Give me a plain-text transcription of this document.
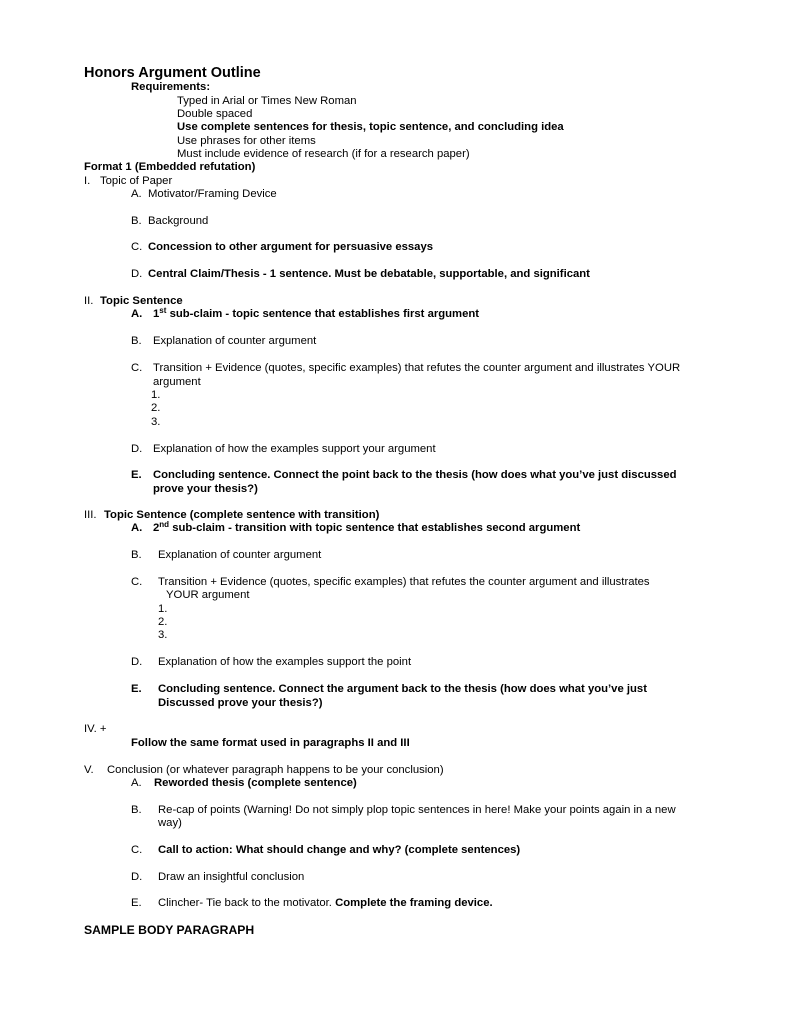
Honors Argument Outline
Requirements:
Typed in Arial or Times New Roman
Double spaced
Use complete sentences for thesis, topic sentence, and concluding idea
Use phrases for other items
Must include evidence of research (if for a research paper)
Format 1 (Embedded refutation)
I. Topic of Paper
A. Motivator/Framing Device
B. Background
C. Concession to other argument for persuasive essays
D. Central Claim/Thesis - 1 sentence. Must be debatable, supportable, and significant
II. Topic Sentence
A. 1st sub-claim - topic sentence that establishes first argument
B. Explanation of counter argument
C. Transition + Evidence (quotes, specific examples) that refutes the counter argument and illustrates YOUR
argument
1.
2.
3.
D. Explanation of how the examples support your argument
E. Concluding sentence. Connect the point back to the thesis (how does what you’ve just discussed
prove your thesis?)
III. Topic Sentence (complete sentence with transition)
A. 2nd sub-claim - transition with topic sentence that establishes second argument
B. Explanation of counter argument
C. Transition + Evidence (quotes, specific examples) that refutes the counter argument and illustrates
YOUR argument
1.
2.
3.
D. Explanation of how the examples support the point
E. Concluding sentence. Connect the argument back to the thesis (how does what you’ve just
Discussed prove your thesis?)
IV. +
Follow the same format used in paragraphs II and III
V. Conclusion (or whatever paragraph happens to be your conclusion)
A. Reworded thesis (complete sentence)
B. Re-cap of points (Warning! Do not simply plop topic sentences in here! Make your points again in a new
way)
C. Call to action: What should change and why? (complete sentences)
D. Draw an insightful conclusion
E. Clincher- Tie back to the motivator. Complete the framing device.
SAMPLE BODY PARAGRAPH
